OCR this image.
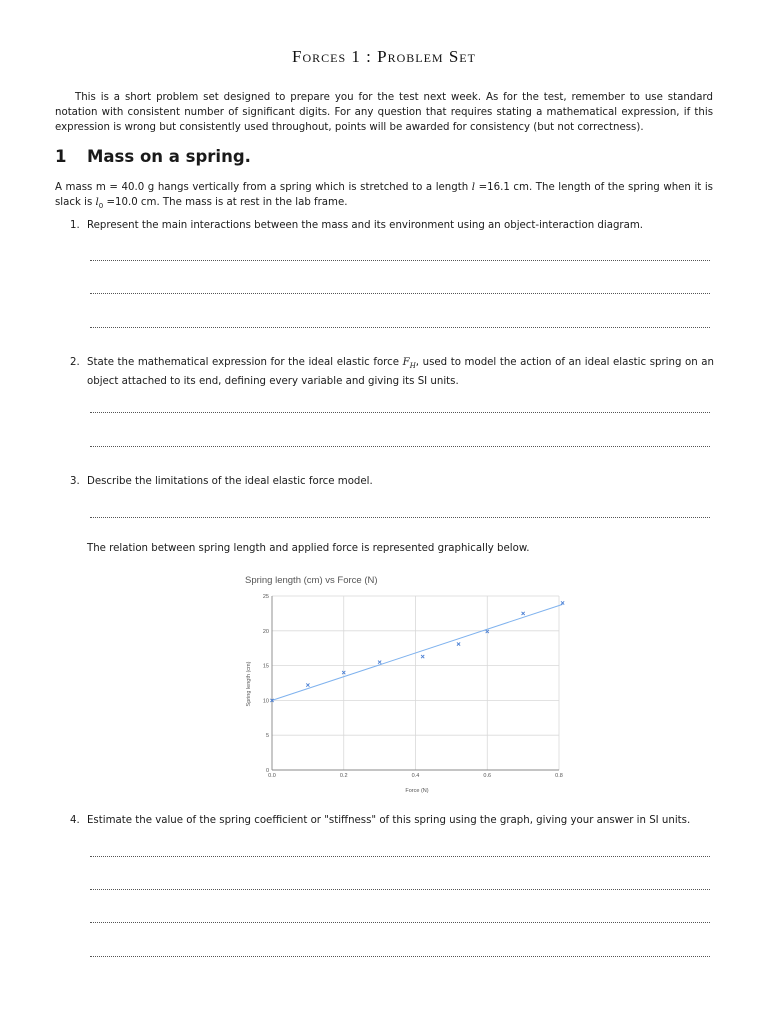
Forces 1 : Problem Set
This is a short problem set designed to prepare you for the test next week. As for the test, remember to use standard notation with consistent number of significant digits. For any question that requires stating a mathematical expression, if this expression is wrong but consistently used throughout, points will be awarded for consistency (but not correctness).
1 Mass on a spring.
A mass m = 40.0 g hangs vertically from a spring which is stretched to a length l =16.1 cm. The length of the spring when it is slack is $l_0 =10.0$ cm. The mass is at rest in the lab frame.
1. Represent the main interactions between the mass and its environment using an object-interaction diagram.
2. State the mathematical expression for the ideal elastic force $F_H$, used to model the action of an ideal elastic spring on an object attached to its end, defining every variable and giving its SI units.
3. Describe the limitations of the ideal elastic force model.
The relation between spring length and applied force is represented graphically below.
Spring length (cm) vs Force (N)
0
5
10
15
20
25
0.0	0.2	0.4	0.6	0.8
Force (N)
Spring length (cm)
4. Estimate the value of the spring coefficient or "stiffness" of this spring using the graph, giving your answer in SI units.
